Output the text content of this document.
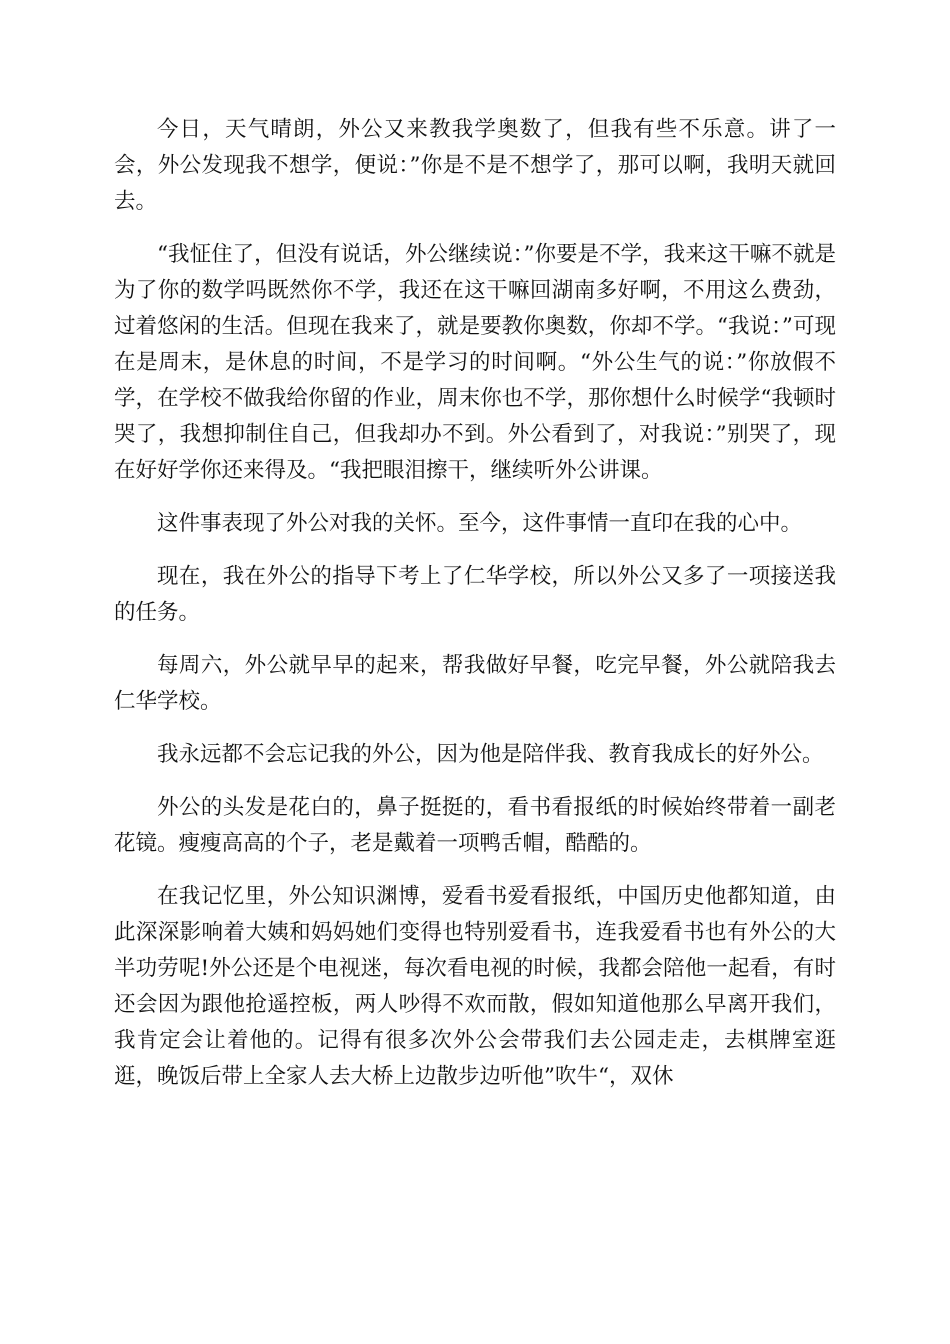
今日，天气晴朗，外公又来教我学奥数了，但我有些不乐意。讲了一会，外公发现我不想学，便说：”你是不是不想学了，那可以啊，我明天就回去。

“我怔住了，但没有说话，外公继续说：”你要是不学，我来这干嘛不就是为了你的数学吗既然你不学，我还在这干嘛回湖南多好啊，不用这么费劲，过着悠闲的生活。但现在我来了，就是要教你奥数，你却不学。“我说：”可现在是周末，是休息的时间，不是学习的时间啊。“外公生气的说：”你放假不学，在学校不做我给你留的作业，周末你也不学，那你想什么时候学“我顿时哭了，我想抑制住自己，但我却办不到。外公看到了，对我说：”别哭了，现在好好学你还来得及。“我把眼泪擦干，继续听外公讲课。

这件事表现了外公对我的关怀。至今，这件事情一直印在我的心中。

现在，我在外公的指导下考上了仁华学校，所以外公又多了一项接送我的任务。

每周六，外公就早早的起来，帮我做好早餐，吃完早餐，外公就陪我去仁华学校。

我永远都不会忘记我的外公，因为他是陪伴我、教育我成长的好外公。

外公的头发是花白的，鼻子挺挺的，看书看报纸的时候始终带着一副老花镜。瘦瘦高高的个子，老是戴着一项鸭舌帽，酷酷的。

在我记忆里，外公知识渊博，爱看书爱看报纸，中国历史他都知道，由此深深影响着大姨和妈妈她们变得也特别爱看书，连我爱看书也有外公的大半功劳呢!外公还是个电视迷，每次看电视的时候，我都会陪他一起看，有时还会因为跟他抢遥控板，两人吵得不欢而散，假如知道他那么早离开我们，我肯定会让着他的。记得有很多次外公会带我们去公园走走，去棋牌室逛逛，晚饭后带上全家人去大桥上边散步边听他”吹牛“，双休
